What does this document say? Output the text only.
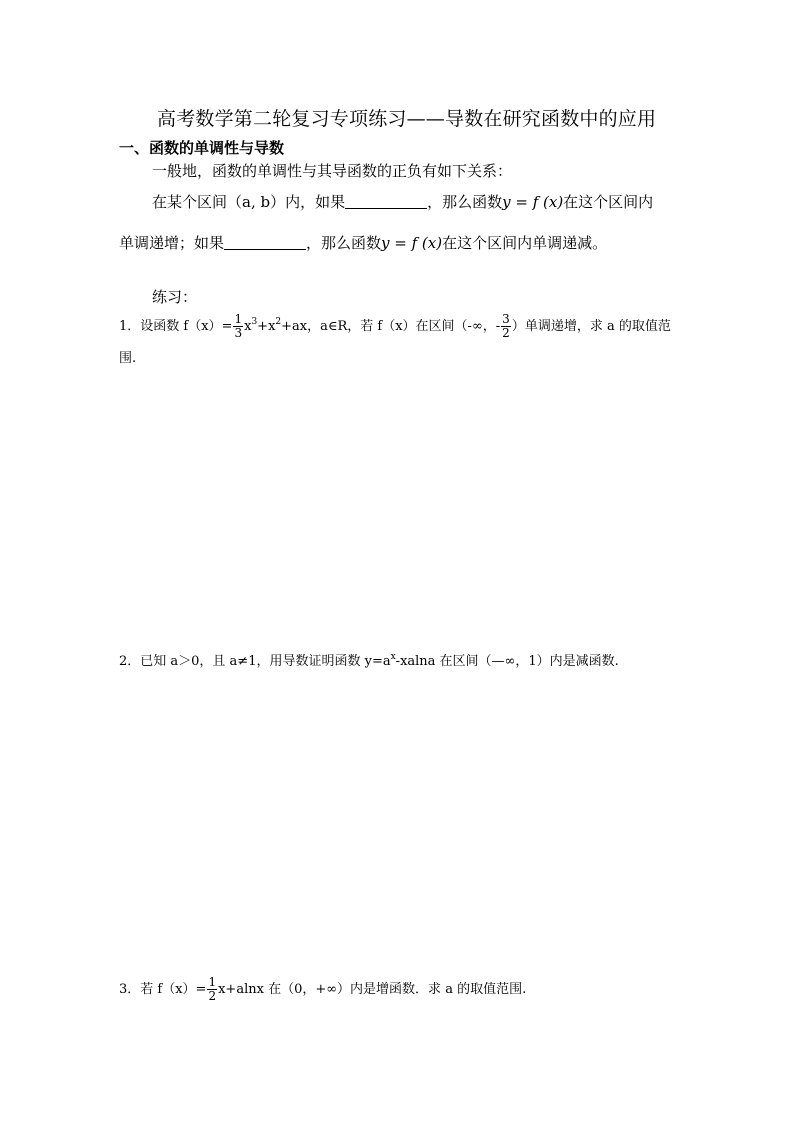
高考数学第二轮复习专项练习——导数在研究函数中的应用
一、函数的单调性与导数
一般地，函数的单调性与其导函数的正负有如下关系：
在某个区间（a, b）内，如果	，那么函数y = f (x)在这个区间内
单调递增；如果	，那么函数y = f (x)在这个区间内单调递减。
练习：
1．设函数 $f(x)= \frac{1}{3} x^3+x^2+ax$，a∈R，若 f（x）在区间（-∞，- $\frac{3}{2}$ ）单调递增，求 a 的取值范
围.
2．已知 a＞0，且 a≠1，用导数证明函数 $y=a^x$-xalna 在区间（—∞，1）内是减函数.
3．若 $f(x)= \frac{1}{2} x+alnx$ 在（0，+∞）内是增函数．求 a 的取值范围.
